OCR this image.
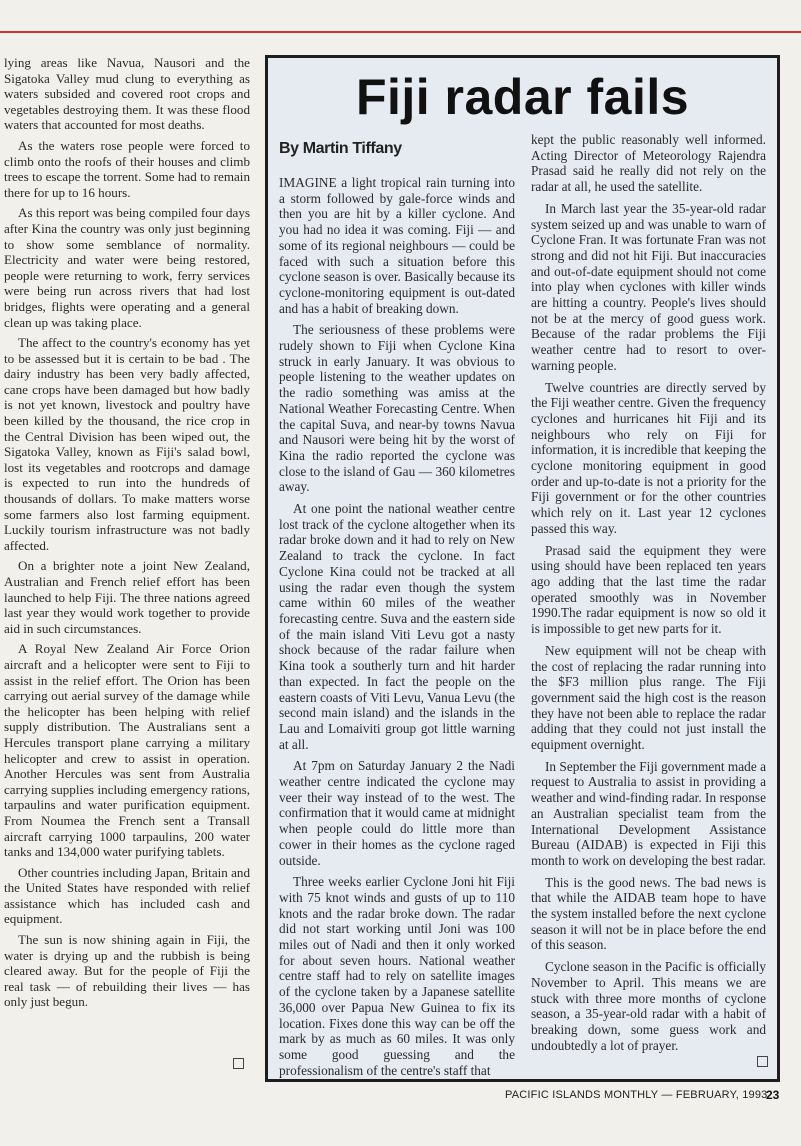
lying areas like Navua, Nausori and the Sigatoka Valley mud clung to everything as waters subsided and covered root crops and vegetables destroying them. It was these flood waters that accounted for most deaths.

As the waters rose people were forced to climb onto the roofs of their houses and climb trees to escape the torrent. Some had to remain there for up to 16 hours.

As this report was being compiled four days after Kina the country was only just beginning to show some semblance of normality. Electricity and water were being restored, people were returning to work, ferry services were being run across rivers that had lost bridges, flights were operating and a general clean up was taking place.

The affect to the country's economy has yet to be assessed but it is certain to be bad . The dairy industry has been very badly affected, cane crops have been damaged but how badly is not yet known, livestock and poultry have been killed by the thousand, the rice crop in the Central Division has been wiped out, the Sigatoka Valley, known as Fiji's salad bowl, lost its vegetables and rootcrops and damage is expected to run into the hundreds of thousands of dollars. To make matters worse some farmers also lost farming equipment. Luckily tourism infrastructure was not badly affected.

On a brighter note a joint New Zealand, Australian and French relief effort has been launched to help Fiji. The three nations agreed last year they would work together to provide aid in such circumstances.

A Royal New Zealand Air Force Orion aircraft and a helicopter were sent to Fiji to assist in the relief effort. The Orion has been carrying out aerial survey of the damage while the helicopter has been helping with relief supply distribution. The Australians sent a Hercules transport plane carrying a military helicopter and crew to assist in operation. Another Hercules was sent from Australia carrying supplies including emergency rations, tarpaulins and water purification equipment. From Noumea the French sent a Transall aircraft carrying 1000 tarpaulins, 200 water tanks and 134,000 water purifying tablets.

Other countries including Japan, Britain and the United States have responded with relief assistance which has included cash and equipment.

The sun is now shining again in Fiji, the water is drying up and the rubbish is being cleared away. But for the people of Fiji the real task — of rebuilding their lives — has only just begun.

Fiji radar fails
By Martin Tiffany

IMAGINE a light tropical rain turning into a storm followed by gale-force winds and then you are hit by a killer cyclone. And you had no idea it was coming. Fiji — and some of its regional neighbours — could be faced with such a situation before this cyclone season is over. Basically because its cyclone-monitoring equipment is out-dated and has a habit of breaking down.

The seriousness of these problems were rudely shown to Fiji when Cyclone Kina struck in early January. It was obvious to people listening to the weather updates on the radio something was amiss at the National Weather Forecasting Centre. When the capital Suva, and near-by towns Navua and Nausori were being hit by the worst of Kina the radio reported the cyclone was close to the island of Gau — 360 kilometres away.

At one point the national weather centre lost track of the cyclone altogether when its radar broke down and it had to rely on New Zealand to track the cyclone. In fact Cyclone Kina could not be tracked at all using the radar even though the system came within 60 miles of the weather forecasting centre. Suva and the eastern side of the main island Viti Levu got a nasty shock because of the radar failure when Kina took a southerly turn and hit harder than expected. In fact the people on the eastern coasts of Viti Levu, Vanua Levu (the second main island) and the islands in the Lau and Lomaiviti group got little warning at all.

At 7pm on Saturday January 2 the Nadi weather centre indicated the cyclone may veer their way instead of to the west. The confirmation that it would came at midnight when people could do little more than cower in their homes as the cyclone raged outside.

Three weeks earlier Cyclone Joni hit Fiji with 75 knot winds and gusts of up to 110 knots and the radar broke down. The radar did not start working until Joni was 100 miles out of Nadi and then it only worked for about seven hours. National weather centre staff had to rely on satellite images of the cyclone taken by a Japanese satellite 36,000 over Papua New Guinea to fix its location. Fixes done this way can be off the mark by as much as 60 miles. It was only some good guessing and the professionalism of the centre's staff that

kept the public reasonably well informed. Acting Director of Meteorology Rajendra Prasad said he really did not rely on the radar at all, he used the satellite.

In March last year the 35-year-old radar system seized up and was unable to warn of Cyclone Fran. It was fortunate Fran was not strong and did not hit Fiji. But inaccuracies and out-of-date equipment should not come into play when cyclones with killer winds are hitting a country. People's lives should not be at the mercy of good guess work. Because of the radar problems the Fiji weather centre had to resort to over-warning people.

Twelve countries are directly served by the Fiji weather centre. Given the frequency cyclones and hurricanes hit Fiji and its neighbours who rely on Fiji for information, it is incredible that keeping the cyclone monitoring equipment in good order and up-to-date is not a priority for the Fiji government or for the other countries which rely on it. Last year 12 cyclones passed this way.

Prasad said the equipment they were using should have been replaced ten years ago adding that the last time the radar operated smoothly was in November 1990.The radar equipment is now so old it is impossible to get new parts for it.

New equipment will not be cheap with the cost of replacing the radar running into the $F3 million plus range. The Fiji government said the high cost is the reason they have not been able to replace the radar adding that they could not just install the equipment overnight.

In September the Fiji government made a request to Australia to assist in providing a weather and wind-finding radar. In response an Australian specialist team from the International Development Assistance Bureau (AIDAB) is expected in Fiji this month to work on developing the best radar.

This is the good news. The bad news is that while the AIDAB team hope to have the system installed before the next cyclone season it will not be in place before the end of this season.

Cyclone season in the Pacific is officially November to April. This means we are stuck with three more months of cyclone season, a 35-year-old radar with a habit of breaking down, some guess work and undoubtedly a lot of prayer.

PACIFIC ISLANDS MONTHLY — FEBRUARY, 1993
23
